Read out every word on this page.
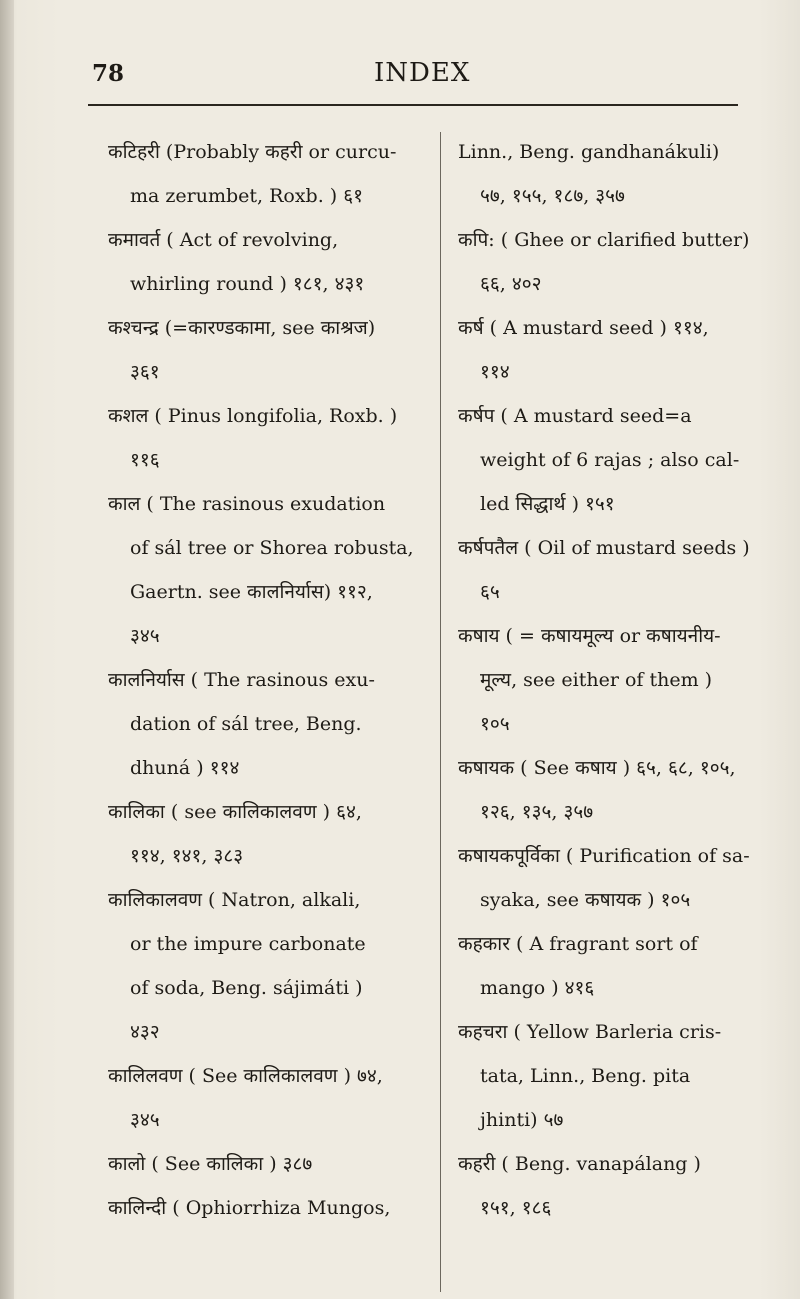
78	INDEX
कटिहरी (Probably कहरी or curcu-
ma zerumbet, Roxb. ) ६१
कमावर्त ( Act of revolving,
whirling round ) १८१, ४३१
कश्चन्द्र (=कारण्डकामा, see काश्रज)
३६१
कशल ( Pinus longifolia, Roxb. )
११६
काल ( The rasinous exudation
of sál tree or Shorea robusta,
Gaertn. see कालनिर्यास) ११२,
३४५
कालनिर्यास ( The rasinous exu-
dation of sál tree, Beng.
dhuná ) ११४
कालिका ( see कालिकालवण ) ६४,
११४, १४१, ३८३
कालिकालवण ( Natron, alkali,
or the impure carbonate
of soda, Beng. sájimáti )
४३२
कालिलवण ( See कालिकालवण ) ७४,
३४५
कालो ( See कालिका ) ३८७
कालिन्दी ( Ophiorrhiza Mungos,
Linn., Beng. gandhanákuli)
५७, १५५, १८७, ३५७
कपि: ( Ghee or clarified butter)
६६, ४०२
कर्ष ( A mustard seed ) ११४,
११४
कर्षप ( A mustard seed=a
weight of 6 rajas ; also cal-
led सिद्धार्थ ) १५१
कर्षपतैल ( Oil of mustard seeds )
६५
कषाय ( = कषायमूल्य or कषायनीय-
मूल्य, see either of them )
१०५
कषायक ( See कषाय ) ६५, ६८, १०५,
१२६, १३५, ३५७
कषायकपूर्विका ( Purification of sa-
syaka, see कषायक ) १०५
कहकार ( A fragrant sort of
mango ) ४१६
कहचरा ( Yellow Barleria cris-
tata, Linn., Beng. pita
jhinti) ५७
कहरी ( Beng. vanapálang )
१५१, १८६
